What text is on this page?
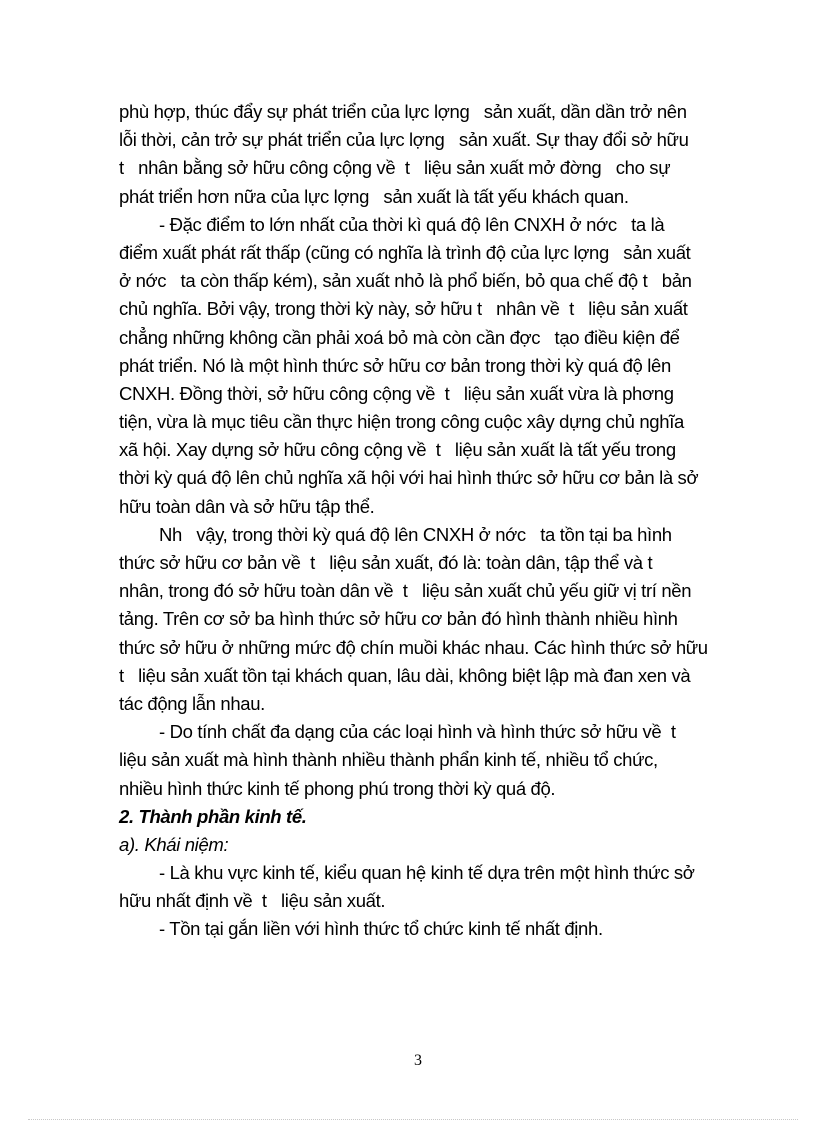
phù hợp, thúc đẩy sự phát triển của lực lợng   sản xuất, dần dần trở nên
lỗi thời, cản trở sự phát triển của lực lợng   sản xuất. Sự thay đổi sở hữu
t   nhân bằng sở hữu công cộng về  t   liệu sản xuất mở đờng   cho sự
phát triển hơn nữa của lực lợng   sản xuất là tất yếu khách quan.
- Đặc điểm to lớn nhất của thời kì quá độ lên CNXH ở nớc   ta là
điểm xuất phát rất thấp (cũng có nghĩa là trình độ của lực lợng   sản xuất
ở nớc   ta còn thấp kém), sản xuất nhỏ là phổ biến, bỏ qua chế độ t   bản
chủ nghĩa. Bởi vậy, trong thời kỳ này, sở hữu t   nhân về  t   liệu sản xuất
chẳng những không cần phải xoá bỏ mà còn cần đợc   tạo điều kiện để
phát triển. Nó là một hình thức sở hữu cơ bản trong thời kỳ quá độ lên
CNXH. Đồng thời, sở hữu công cộng về  t   liệu sản xuất vừa là phơng
tiện, vừa là mục tiêu cần thực hiện trong công cuộc xây dựng chủ nghĩa
xã hội. Xay dựng sở hữu công cộng về  t   liệu sản xuất là tất yếu trong
thời kỳ quá độ lên chủ nghĩa xã hội với hai hình thức sở hữu cơ bản là sở
hữu toàn dân và sở hữu tập thể.
Nh   vậy, trong thời kỳ quá độ lên CNXH ở nớc   ta tồn tại ba hình
thức sở hữu cơ bản về  t   liệu sản xuất, đó là: toàn dân, tập thể và t
nhân, trong đó sở hữu toàn dân về  t   liệu sản xuất chủ yếu giữ vị trí nền
tảng. Trên cơ sở ba hình thức sở hữu cơ bản đó hình thành nhiều hình
thức sở hữu ở những mức độ chín muồi khác nhau. Các hình thức sở hữu
t   liệu sản xuất tồn tại khách quan, lâu dài, không biệt lập mà đan xen và
tác động lẫn nhau.
- Do tính chất đa dạng của các loại hình và hình thức sở hữu về  t
liệu sản xuất mà hình thành nhiều thành phẩn kinh tế, nhiều tổ chức,
nhiều hình thức kinh tế phong phú trong thời kỳ quá độ.
2. Thành phần kinh tế.
a). Khái niệm:
- Là khu vực kinh tế, kiểu quan hệ kinh tế dựa trên một hình thức sở
hữu nhất định về  t   liệu sản xuất.
- Tồn tại gắn liền với hình thức tổ chức kinh tế nhất định.
3
